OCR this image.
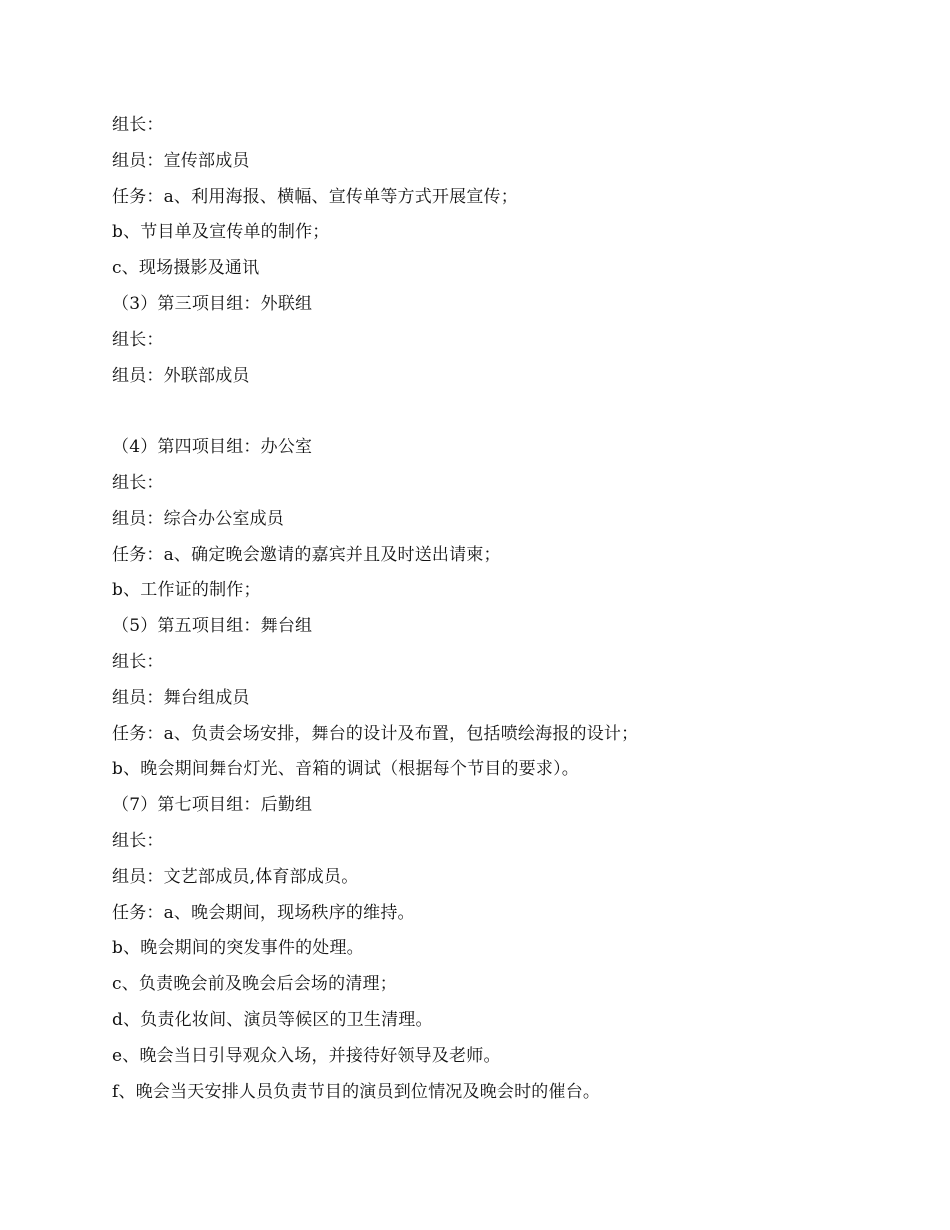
组长：
组员：宣传部成员
任务：a、利用海报、横幅、宣传单等方式开展宣传；
b、节目单及宣传单的制作；
c、现场摄影及通讯
（3）第三项目组：外联组
组长：
组员：外联部成员
（4）第四项目组：办公室
组长：
组员：综合办公室成员
任务：a、确定晚会邀请的嘉宾并且及时送出请柬；
b、工作证的制作；
（5）第五项目组：舞台组
组长：
组员：舞台组成员
任务：a、负责会场安排，舞台的设计及布置，包括喷绘海报的设计；
b、晚会期间舞台灯光、音箱的调试（根据每个节目的要求）。
（7）第七项目组：后勤组
组长：
组员：文艺部成员,体育部成员。
任务：a、晚会期间，现场秩序的维持。
b、晚会期间的突发事件的处理。
c、负责晚会前及晚会后会场的清理；
d、负责化妆间、演员等候区的卫生清理。
e、晚会当日引导观众入场，并接待好领导及老师。
f、晚会当天安排人员负责节目的演员到位情况及晚会时的催台。
